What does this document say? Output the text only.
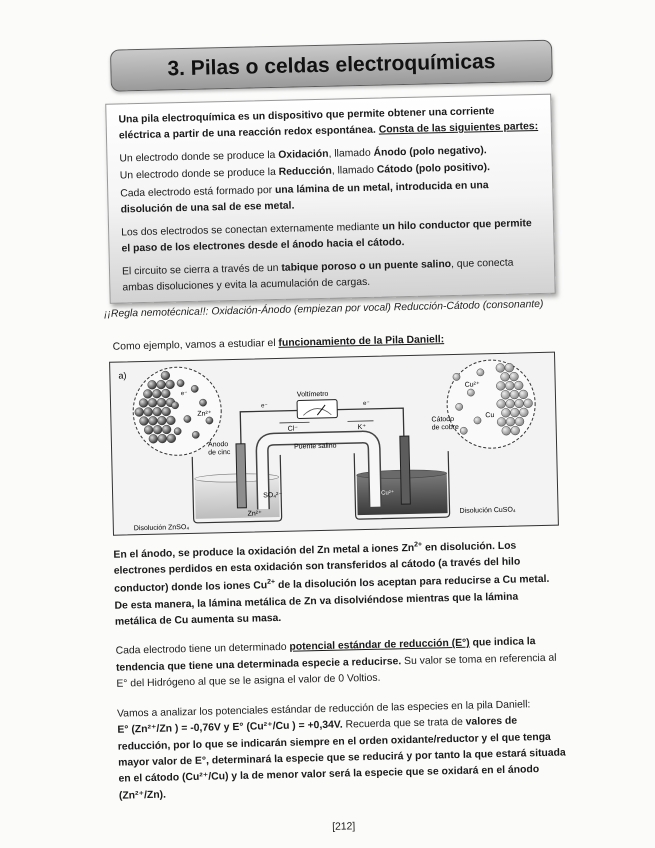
3. Pilas o celdas electroquímicas

Una pila electroquímica es un dispositivo que permite obtener una corriente eléctrica a partir de una reacción redox espontánea. Consta de las siguientes partes:

Un electrodo donde se produce la Oxidación, llamado Ánodo (polo negativo).

Un electrodo donde se produce la Reducción, llamado Cátodo (polo positivo).

Cada electrodo está formado por una lámina de un metal, introducida en una disolución de una sal de ese metal.

Los dos electrodos se conectan externamente mediante un hilo conductor que permite el paso de los electrones desde el ánodo hacia el cátodo.

El circuito se cierra a través de un tabique poroso o un puente salino, que conecta ambas disoluciones y evita la acumulación de cargas.

¡¡Regla nemotécnica!!: Oxidación-Ánodo (empiezan por vocal) Reducción-Cátodo (consonante)
Como ejemplo, vamos a estudiar el funcionamiento de la Pila Daniell:
a)
Zn²⁺
e⁻
Cu²⁺
Cu
Voltímetro
e⁻	e⁻
Ánodo
de cinc
Cátodo
de cobre
Cl⁻	K⁺
Puente salino
SO₄²⁻
Zn²⁺
Cu²⁺
Disolución ZnSO₄
Disolución CuSO₄

En el ánodo, se produce la oxidación del Zn metal a iones $Zn^{2+}$ en disolución. Los electrones perdidos en esta oxidación son transferidos al cátodo (a través del hilo conductor) donde los iones $Cu^{2+}$ de la disolución los aceptan para reducirse a Cu metal. De esta manera, la lámina metálica de Zn va disolviéndose mientras que la lámina metálica de Cu aumenta su masa.

Cada electrodo tiene un determinado potencial estándar de reducción (E°) que indica la tendencia que tiene una determinada especie a reducirse. Su valor se toma en referencia al E° del Hidrógeno al que se le asigna el valor de 0 Voltios.

Vamos a analizar los potenciales estándar de reducción de las especies en la pila Daniell:
E° (Zn²⁺/Zn ) = -0,76V y E° (Cu²⁺/Cu ) = +0,34V. Recuerda que se trata de valores de reducción, por lo que se indicarán siempre en el orden oxidante/reductor y el que tenga mayor valor de E°, determinará la especie que se reducirá y por tanto la que estará situada en el cátodo (Cu²⁺/Cu) y la de menor valor será la especie que se oxidará en el ánodo (Zn²⁺/Zn).

[212]
